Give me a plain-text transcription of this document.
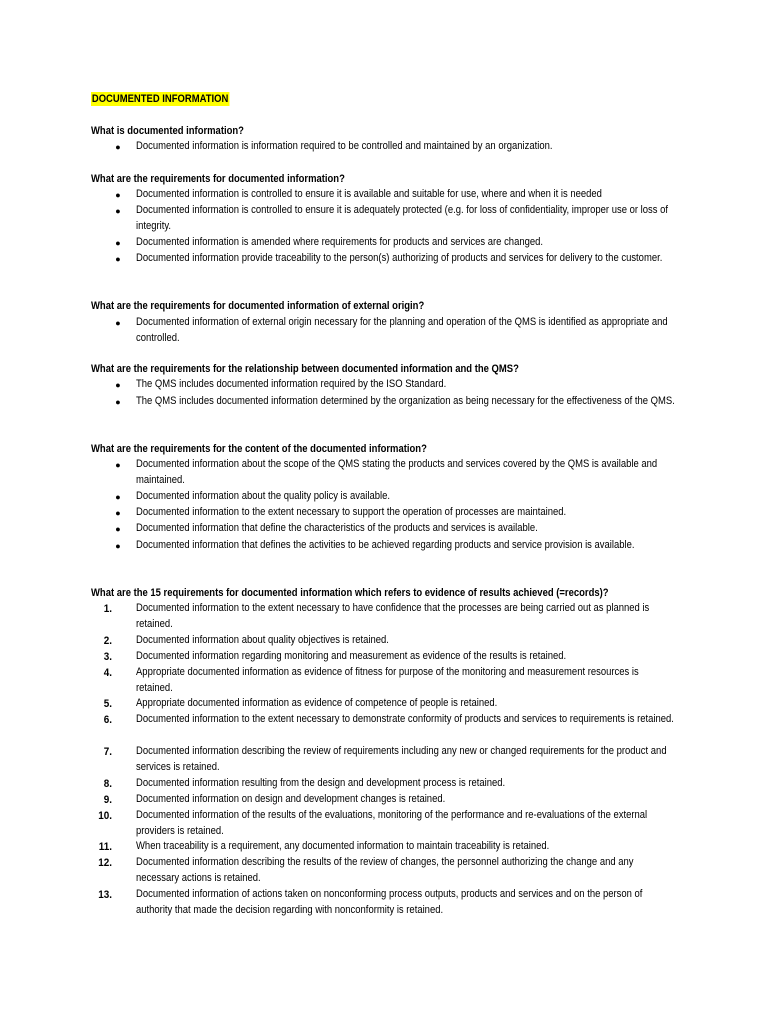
DOCUMENTED INFORMATION
What is documented information?
● Documented information is information required to be controlled and maintained by an organization.
What are the requirements for documented information?
● Documented information is controlled to ensure it is available and suitable for use, where and when it is needed
● Documented information is controlled to ensure it is adequately protected (e.g. for loss of confidentiality, improper use or loss of integrity.
● Documented information is amended where requirements for products and services are changed.
● Documented information provide traceability to the person(s) authorizing of products and services for delivery to the customer.
What are the requirements for documented information of external origin?
● Documented information of external origin necessary for the planning and operation of the QMS is identified as appropriate and controlled.
What are the requirements for the relationship between documented information and the QMS?
● The QMS includes documented information required by the ISO Standard.
● The QMS includes documented information determined by the organization as being necessary for the effectiveness of the QMS.
What are the requirements for the content of the documented information?
● Documented information about the scope of the QMS stating the products and services covered by the QMS is available and maintained.
● Documented information about the quality policy is available.
● Documented information to the extent necessary to support the operation of processes are maintained.
● Documented information that define the characteristics of the products and services is available.
● Documented information that defines the activities to be achieved regarding products and service provision is available.
What are the 15 requirements for documented information which refers to evidence of results achieved (=records)?
1. Documented information to the extent necessary to have confidence that the processes are being carried out as planned is retained.
2. Documented information about quality objectives is retained.
3. Documented information regarding monitoring and measurement as evidence of the results is retained.
4. Appropriate documented information as evidence of fitness for purpose of the monitoring and measurement resources is retained.
5. Appropriate documented information as evidence of competence of people is retained.
6. Documented information to the extent necessary to demonstrate conformity of products and services to requirements is retained.
7. Documented information describing the review of requirements including any new or changed requirements for the product and services is retained.
8. Documented information resulting from the design and development process is retained.
9. Documented information on design and development changes is retained.
10. Documented information of the results of the evaluations, monitoring of the performance and re-evaluations of the external providers is retained.
11. When traceability is a requirement, any documented information to maintain traceability is retained.
12. Documented information describing the results of the review of changes, the personnel authorizing the change and any necessary actions is retained.
13. Documented information of actions taken on nonconforming process outputs, products and services and on the person of authority that made the decision regarding with nonconformity is retained.
